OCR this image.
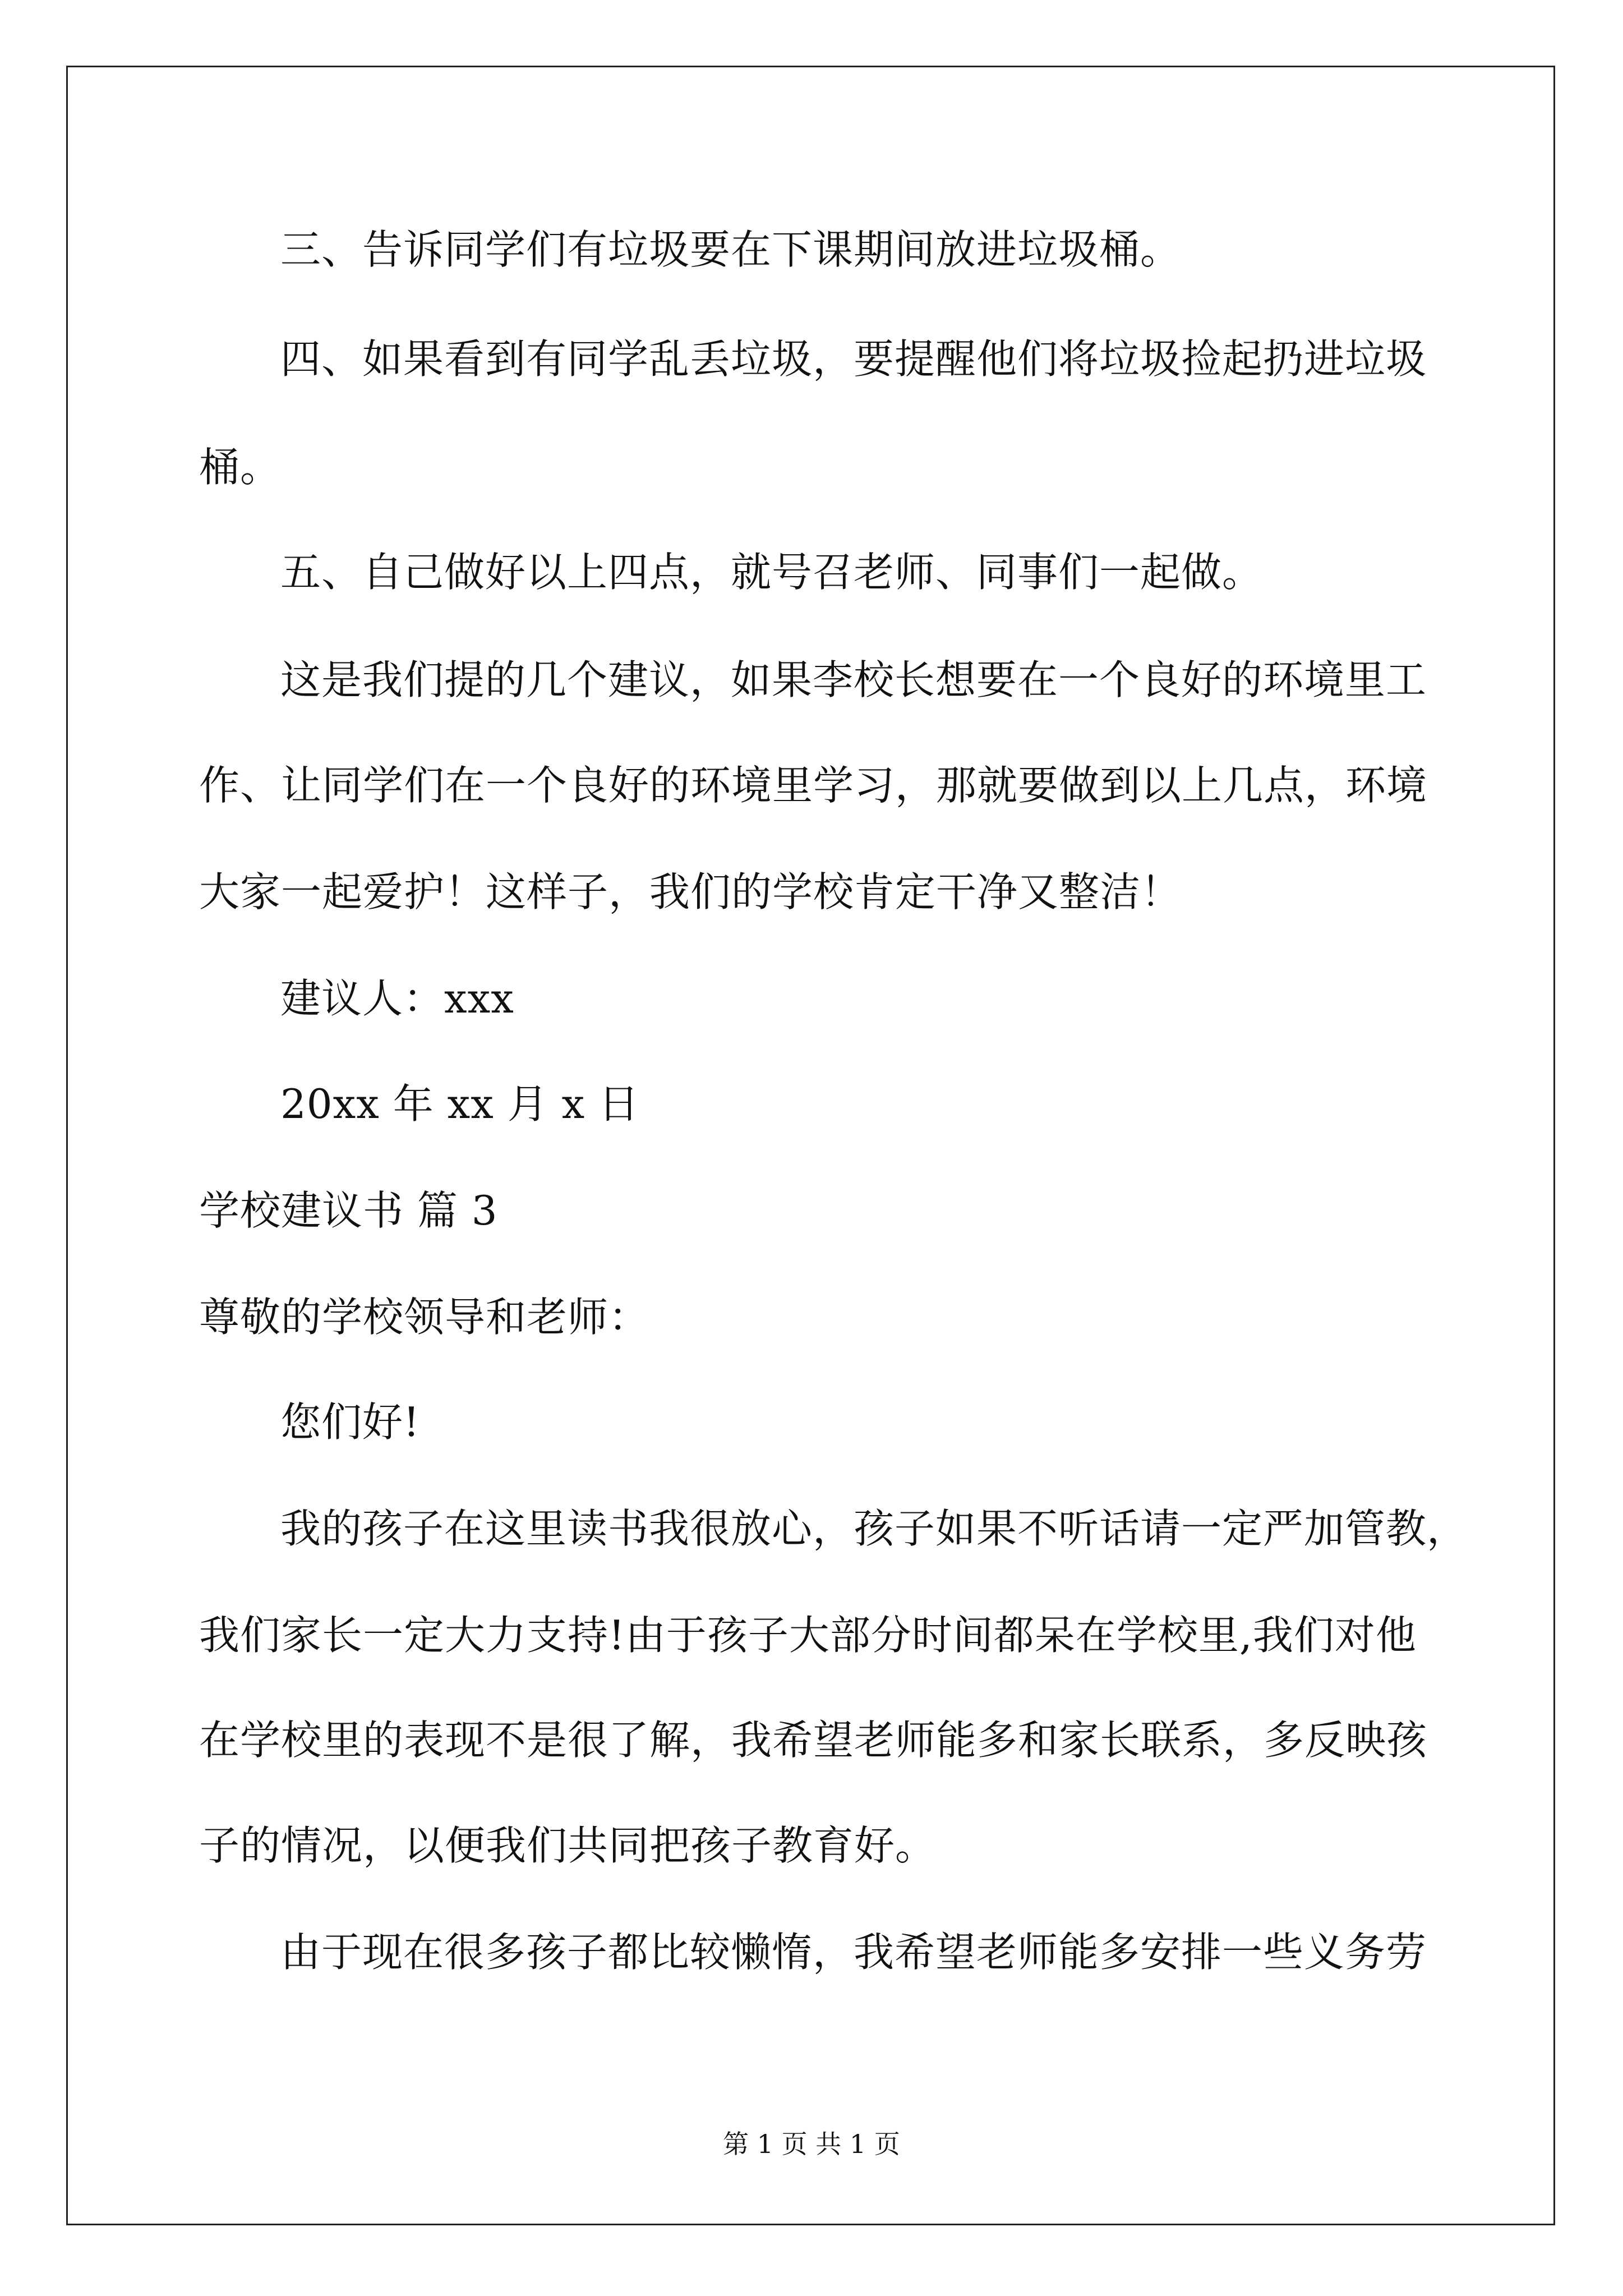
三、告诉同学们有垃圾要在下课期间放进垃圾桶。
四、如果看到有同学乱丢垃圾，要提醒他们将垃圾捡起扔进垃圾
桶。
五、自己做好以上四点，就号召老师、同事们一起做。
这是我们提的几个建议，如果李校长想要在一个良好的环境里工
作、让同学们在一个良好的环境里学习，那就要做到以上几点，环境
大家一起爱护！这样子，我们的学校肯定干净又整洁！
建议人：xxx
20xx 年 xx 月 x 日
学校建议书 篇 3
尊敬的学校领导和老师：
您们好!
我的孩子在这里读书我很放心，孩子如果不听话请一定严加管教，
我们家长一定大力支持!由于孩子大部分时间都呆在学校里,我们对他
在学校里的表现不是很了解，我希望老师能多和家长联系，多反映孩
子的情况，以便我们共同把孩子教育好。
由于现在很多孩子都比较懒惰，我希望老师能多安排一些义务劳
第 1 页 共 1 页
